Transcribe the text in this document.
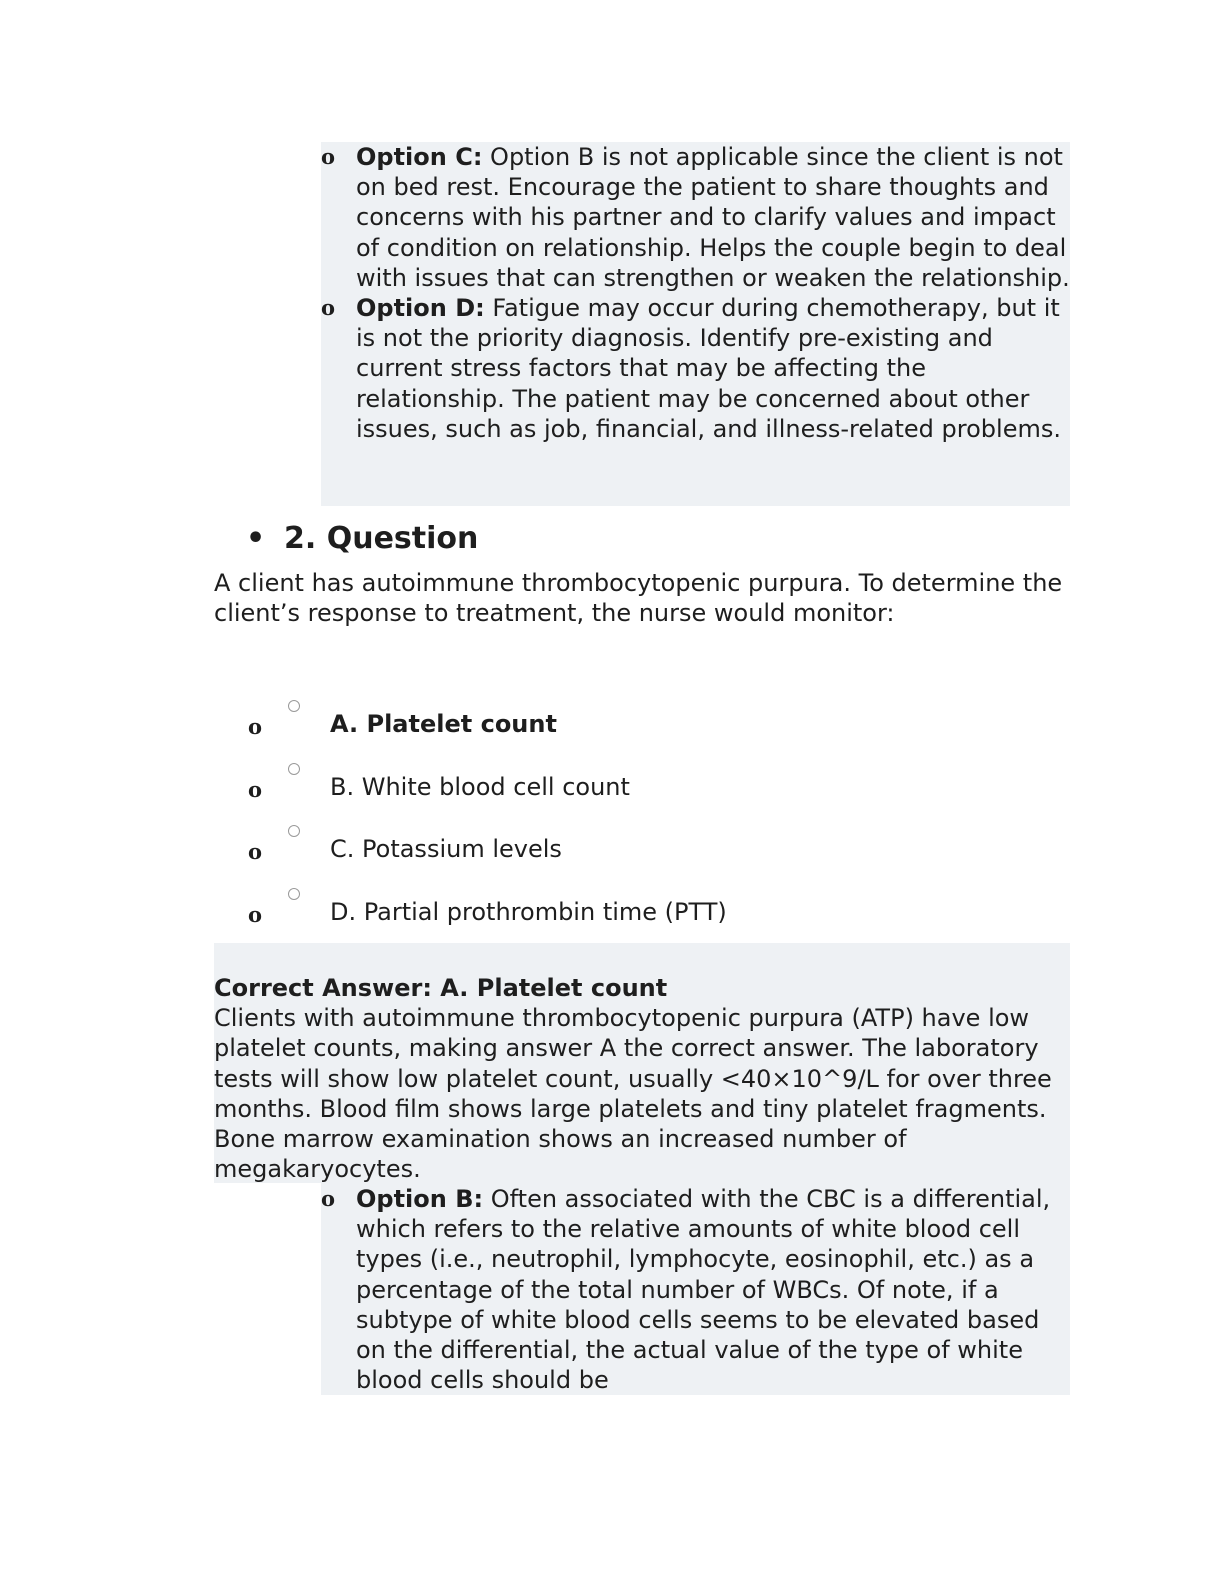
o Option C: Option B is not applicable since the client is not on bed rest. Encourage the patient to share thoughts and concerns with his partner and to clarify values and impact of condition on relationship. Helps the couple begin to deal with issues that can strengthen or weaken the relationship.
o Option D: Fatigue may occur during chemotherapy, but it is not the priority diagnosis. Identify pre-existing and current stress factors that may be affecting the relationship. The patient may be concerned about other issues, such as job, financial, and illness-related problems.
• 2. Question

A client has autoimmune thrombocytopenic purpura. To determine the client’s response to treatment, the nurse would monitor:

o	A. Platelet count
o	B. White blood cell count
o	C. Potassium levels
o	D. Partial prothrombin time (PTT)

Correct Answer: A. Platelet count
Clients with autoimmune thrombocytopenic purpura (ATP) have low platelet counts, making answer A the correct answer. The laboratory tests will show low platelet count, usually <40×10^9/L for over three months. Blood film shows large platelets and tiny platelet fragments. Bone marrow examination shows an increased number of megakaryocytes.

o Option B: Often associated with the CBC is a differential, which refers to the relative amounts of white blood cell types (i.e., neutrophil, lymphocyte, eosinophil, etc.) as a percentage of the total number of WBCs. Of note, if a subtype of white blood cells seems to be elevated based on the differential, the actual value of the type of white blood cells should be
